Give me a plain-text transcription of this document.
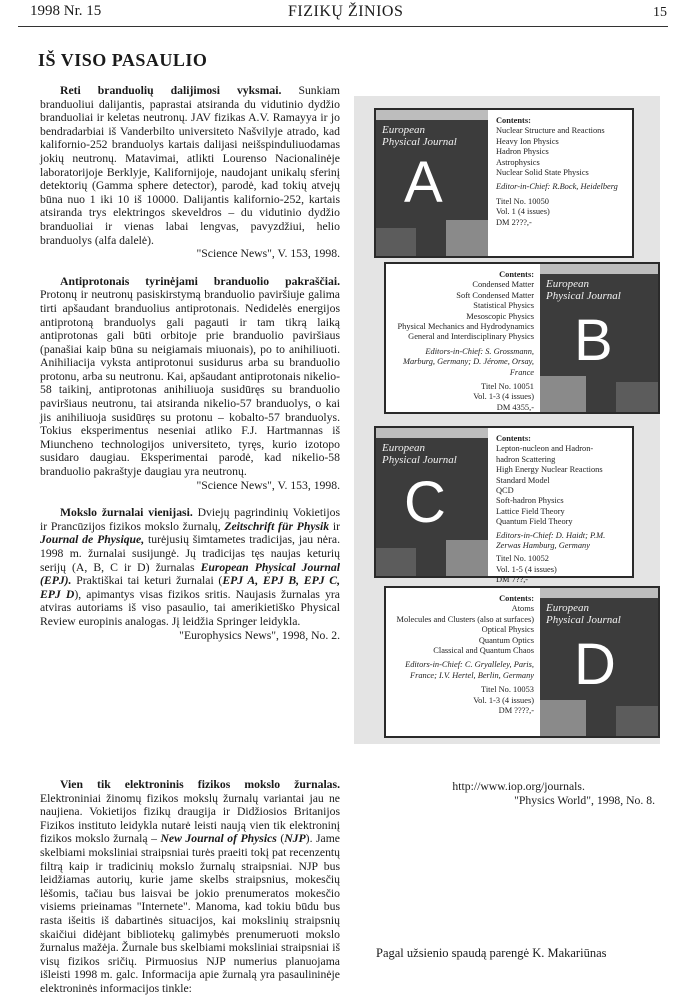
1998 Nr. 15	FIZIKŲ ŽINIOS	15
IŠ VISO PASAULIO

Reti branduolių dalijimosi vyksmai. Sunkiam branduoliui dalijantis, paprastai atsiranda du vidutinio dydžio branduoliai ir keletas neutronų. JAV fizikas A.V. Ramayya ir jo bendradarbiai iš Vanderbilto universiteto Našvilyje atrado, kad kalifornio-252 branduolys kartais dalijasi neišspinduliuodamas jokių neutronų. Matavimai, atlikti Lourenso Nacionalinėje laboratorijoje Berklyje, Kalifornijoje, naudojant unikalų sferinį detektorių (Gamma sphere detector), parodė, kad tokių atvejų būna nuo 1 iki 10 iš 10000. Dalijantis kalifornio-252, kartais atsiranda trys elektringos skeveldros – du vidutinio dydžio branduoliai ir vienas labai lengvas, pavyzdžiui, helio branduolys (alfa dalelė).

"Science News", V. 153, 1998.

Antiprotonais tyrinėjami branduolio pakraščiai. Protonų ir neutronų pasiskirstymą branduolio paviršiuje galima tirti apšaudant branduolius antiprotonais. Nedidelės energijos antiprotoną branduolys gali pagauti ir tam tikrą laiką antiprotonas gali būti orbitoje prie branduolio paviršiaus (panašiai kaip būna su neigiamais miuonais), po to anihiliuoti. Anihiliacija vyksta antiprotonui susidurus arba su branduolio protonu, arba su neutronu. Kai, apšaudant antiprotonais nikelio-58 taikinį, antiprotonas anihiliuoja susidūręs su branduolio paviršiaus neutronu, tai atsiranda nikelio-57 branduolys, o kai jis anihiliuoja susidūręs su protonu – kobalto-57 branduolys. Tokius eksperimentus neseniai atliko F.J. Hartmannas iš Miuncheno technologijos universiteto, tyręs, kurio izotopo susidaro daugiau. Eksperimentai parodė, kad nikelio-58 branduolio pakraštyje daugiau yra neutronų.

"Science News", V. 153, 1998.

Mokslo žurnalai vienijasi. Dviejų pagrindinių Vokietijos ir Prancūzijos fizikos mokslo žurnalų, Zeitschrift für Physik ir Journal de Physique, turėjusių šimtametes tradicijas, jau nėra. 1998 m. žurnalai susijungė. Jų tradicijas tęs naujas keturių serijų (A, B, C ir D) žurnalas European Physical Journal (EPJ). Praktiškai tai keturi žurnalai (EPJ A, EPJ B, EPJ C, EPJ D), apimantys visas fizikos sritis. Naujasis žurnalas yra atviras autoriams iš viso pasaulio, tai amerikietiško Physical Review europinis analogas. Jį leidžia Springer leidykla.

"Europhysics News", 1998, No. 2.

Vien tik elektroninis fizikos mokslo žurnalas. Elektroniniai žinomų fizikos mokslų žurnalų variantai jau ne naujiena. Vokietijos fizikų draugija ir Didžiosios Britanijos Fizikos instituto leidykla nutarė leisti naują vien tik elektroninį fizikos mokslo žurnalą – New Journal of Physics (NJP). Jame skelbiami moksliniai straipsniai turės praeiti tokį pat recenzentų filtrą kaip ir tradicinių mokslo žurnalų straipsniai. NJP bus leidžiamas autorių, kurie jame skelbs straipsnius, mokesčių lėšomis, tačiau bus laisvai be jokio prenumeratos mokesčio visiems prieinamas "Internete". Manoma, kad tokiu būdu bus rasta išeitis iš dabartinės situacijos, kai mokslinių straipsnių skaičiui didėjant bibliotekų galimybės prenumeruoti mokslo žurnalus mažėja. Žurnale bus skelbiami moksliniai straipsniai iš visų fizikos sričių. Pirmuosius NJP numerius planuojama išleisti 1998 m. galc. Informacija apie žurnalą yra pasaulininėje elektroninės informacijos tinkle:

http://www.iop.org/journals.

"Physics World", 1998, No. 8.

Pagal užsienio spaudą parengė K. Makariūnas
European
Physical Journal
A
Contents:
Nuclear Structure and Reactions
Heavy Ion Physics
Hadron Physics
Astrophysics
Nuclear Solid State Physics
Editor-in-Chief: R.Bock, Heidelberg
Titel No. 10050
Vol. 1 (4 issues)
DM 2???,-
Contents:
Condensed Matter
Soft Condensed Matter
Statistical Physics
Mesoscopic Physics
Physical Mechanics and Hydrodynamics
General and Interdisciplinary Physics
Editors-in-Chief: S. Grossmann, Marburg, Germany; D. Jérome, Orsay, France
Titel No. 10051
Vol. 1-3 (4 issues)
DM 4355,-
European
Physical Journal
B
European
Physical Journal
C
Contents:
Lepton-nucleon and Hadron-
hadron Scattering
High Energy Nuclear Reactions
Standard Model
QCD
Soft-hadron Physics
Lattice Field Theory
Quantum Field Theory
Editors-in-Chief: D. Haidt; P.M. Zerwas Hamburg, Germany
Titel No. 10052
Vol. 1-5 (4 issues)
DM 7??,-
Contents:
Atoms
Molecules and Clusters (also at surfaces)
Optical Physics
Quantum Optics
Classical and Quantum Chaos
Editors-in-Chief: C. Gryalleley, Paris, France; I.V. Hertel, Berlin, Germany
Titel No. 10053
Vol. 1-3 (4 issues)
DM ????,-
European
Physical Journal
D
